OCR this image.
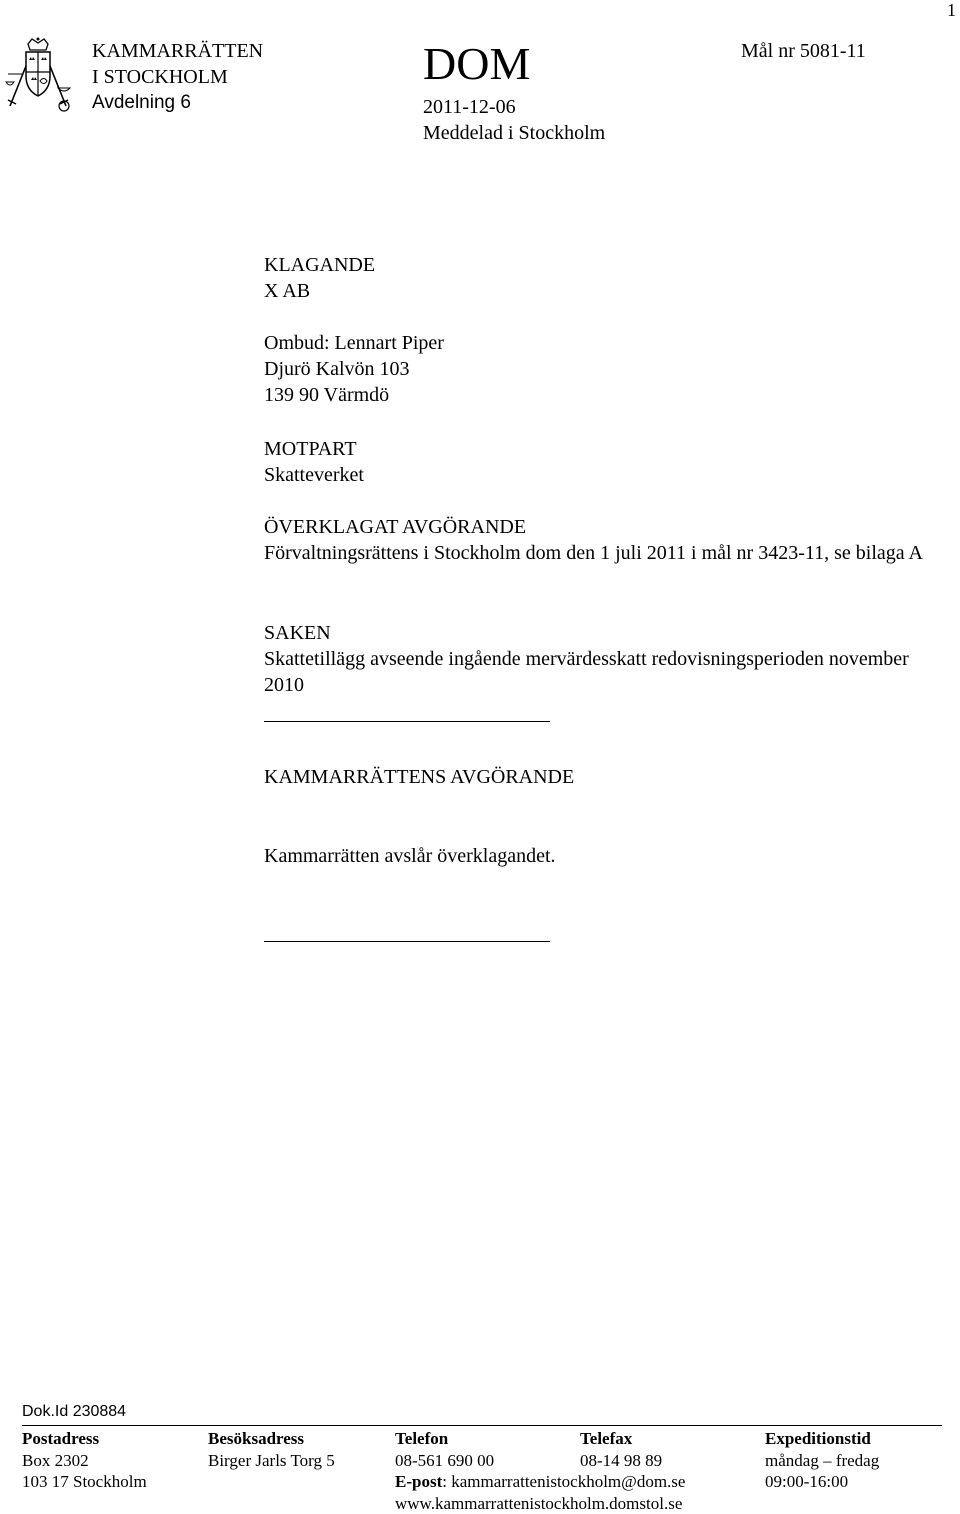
1
KAMMARRÄTTEN
I STOCKHOLM
Avdelning 6
DOM
2011-12-06
Meddelad i Stockholm
Mål nr 5081-11
KLAGANDE
X AB
Ombud: Lennart Piper
Djurö Kalvön 103
139 90 Värmdö
MOTPART
Skatteverket
ÖVERKLAGAT AVGÖRANDE
Förvaltningsrättens i Stockholm dom den 1 juli 2011 i mål nr 3423-11, se bilaga A
SAKEN
Skattetillägg avseende ingående mervärdesskatt redovisningsperioden november 2010
KAMMARRÄTTENS AVGÖRANDE
Kammarrätten avslår överklagandet.
Dok.Id 230884
Postadress
Box 2302
103 17 Stockholm
Besöksadress
Birger Jarls Torg 5
Telefon
08-561 690 00
E-post: kammarrattenistockholm@dom.se
www.kammarrattenistockholm.domstol.se
Telefax
08-14 98 89
Expeditionstid
måndag – fredag
09:00-16:00
